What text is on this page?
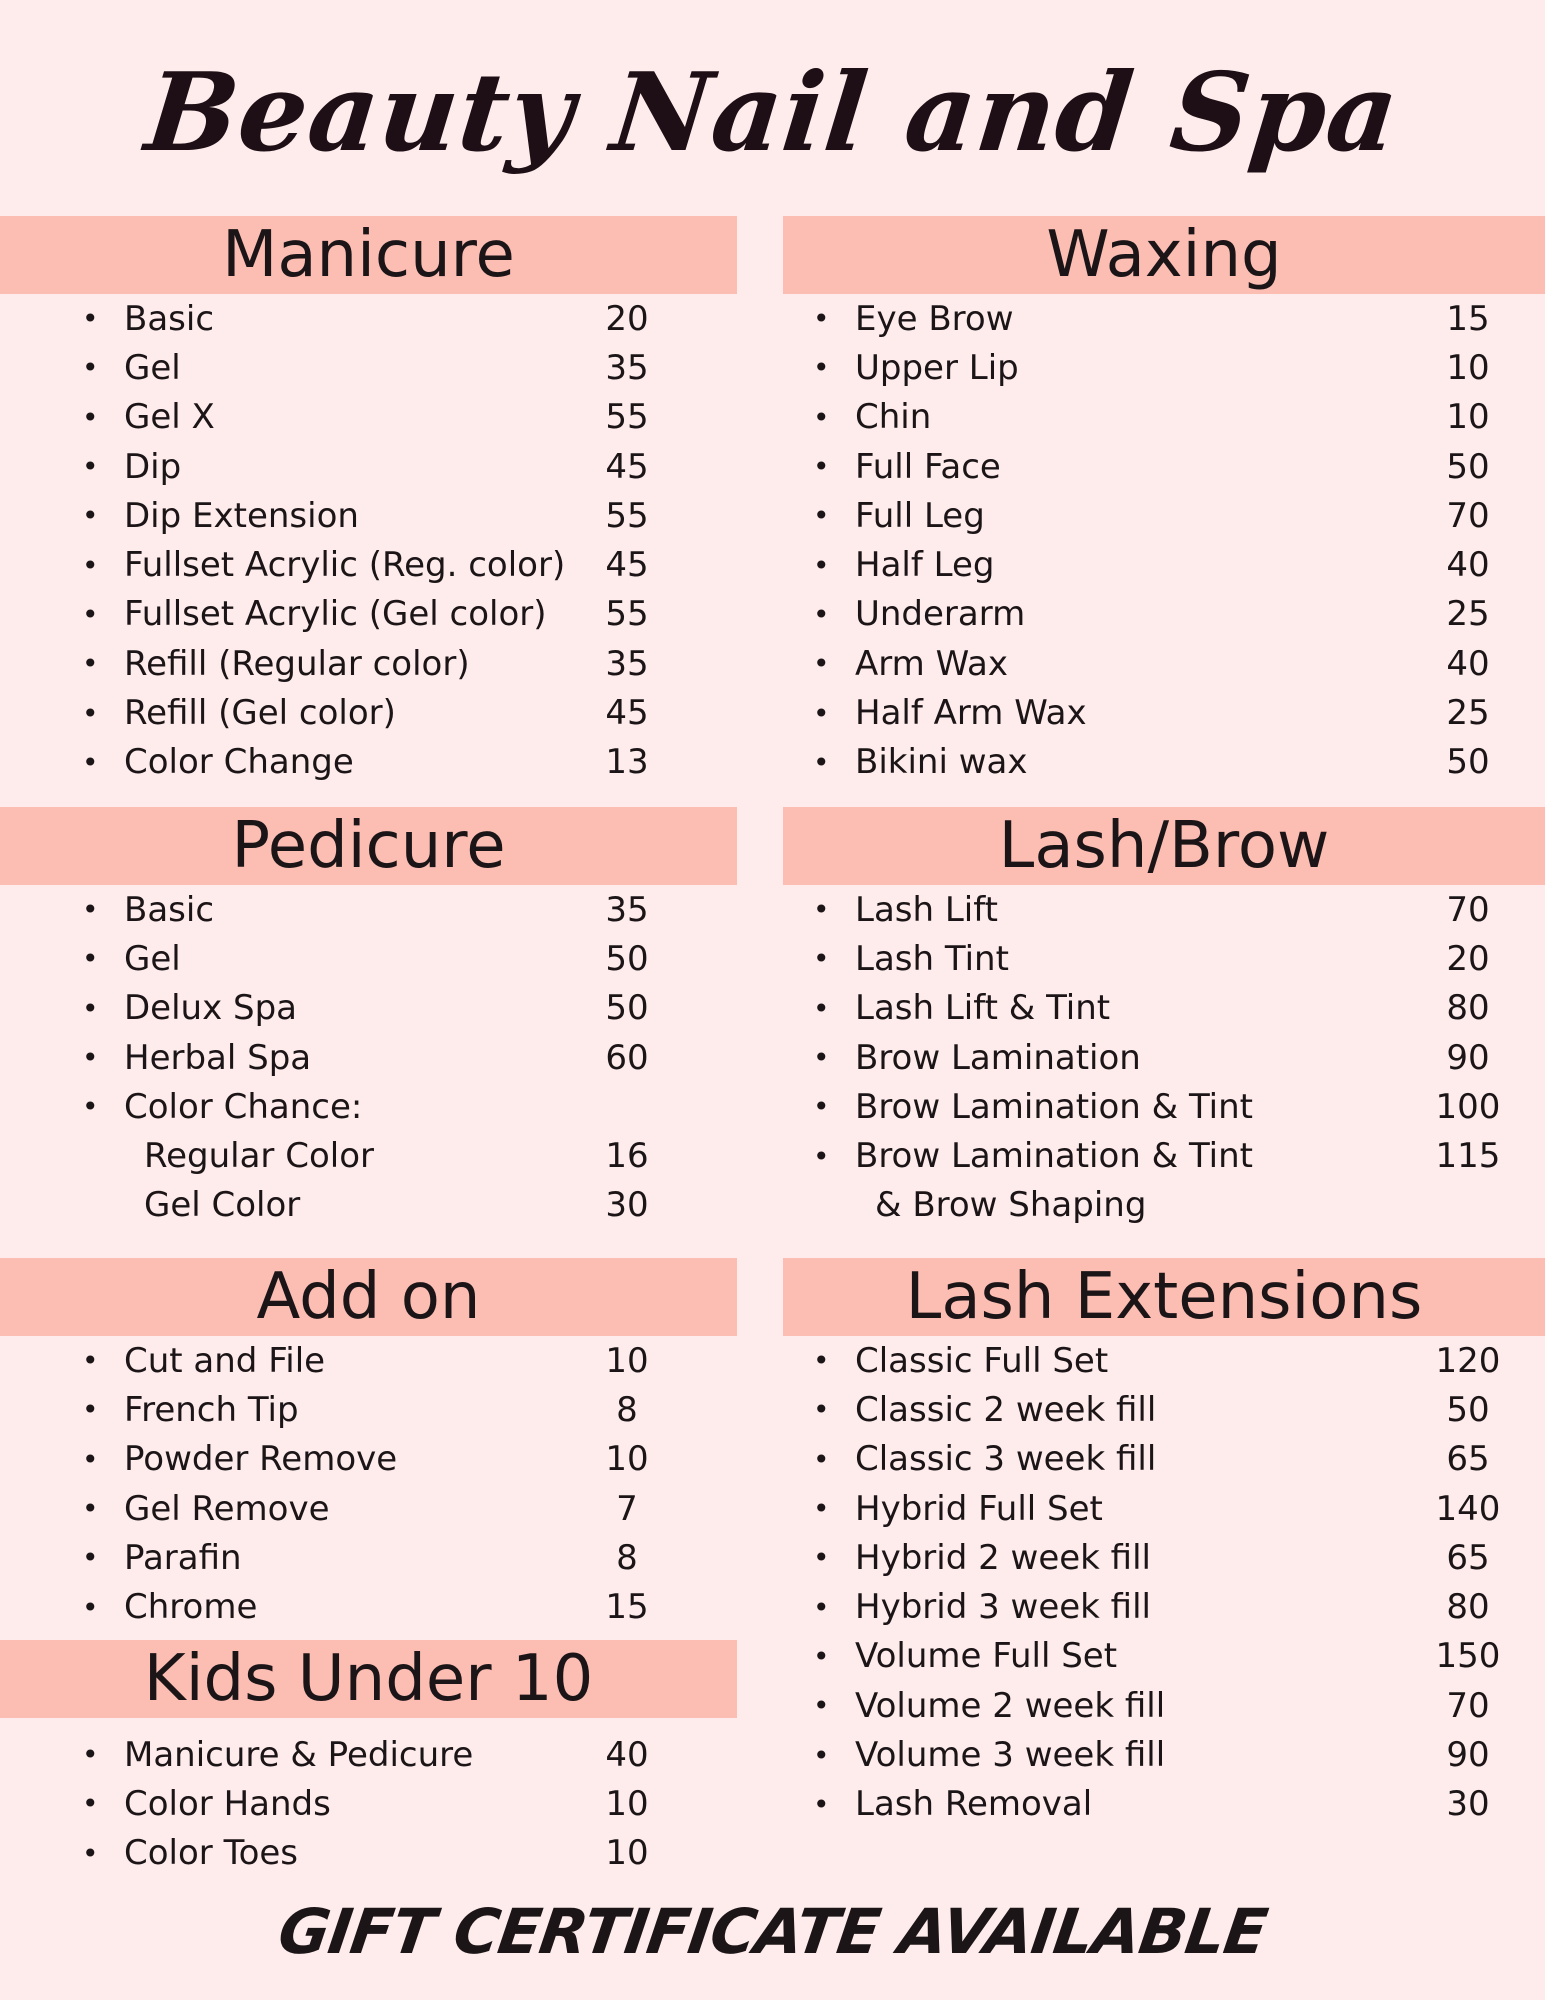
Beauty Nail and Spa
Manicure
• Basic	20
• Gel	35
• Gel X	55
• Dip	45
• Dip Extension	55
• Fullset Acrylic (Reg. color)	45
• Fullset Acrylic (Gel color)	55
• Refill (Regular color)	35
• Refill (Gel color)	45
• Color Change	13
Pedicure
• Basic	35
• Gel	50
• Delux Spa	50
• Herbal Spa	60
• Color Chance:
Regular Color	16
Gel Color	30
Add on
• Cut and File	10
• French Tip	8
• Powder Remove	10
• Gel Remove	7
• Parafin	8
• Chrome	15
Kids Under 10
• Manicure & Pedicure	40
• Color Hands	10
• Color Toes	10
Waxing
• Eye Brow	15
• Upper Lip	10
• Chin	10
• Full Face	50
• Full Leg	70
• Half Leg	40
• Underarm	25
• Arm Wax	40
• Half Arm Wax	25
• Bikini wax	50
Lash/Brow
• Lash Lift	70
• Lash Tint	20
• Lash Lift & Tint	80
• Brow Lamination	90
• Brow Lamination & Tint	100
• Brow Lamination & Tint	115
& Brow Shaping
Lash Extensions
• Classic Full Set	120
• Classic 2 week fill	50
• Classic 3 week fill	65
• Hybrid Full Set	140
• Hybrid 2 week fill	65
• Hybrid 3 week fill	80
• Volume Full Set	150
• Volume 2 week fill	70
• Volume 3 week fill	90
• Lash Removal	30
GIFT CERTIFICATE AVAILABLE
